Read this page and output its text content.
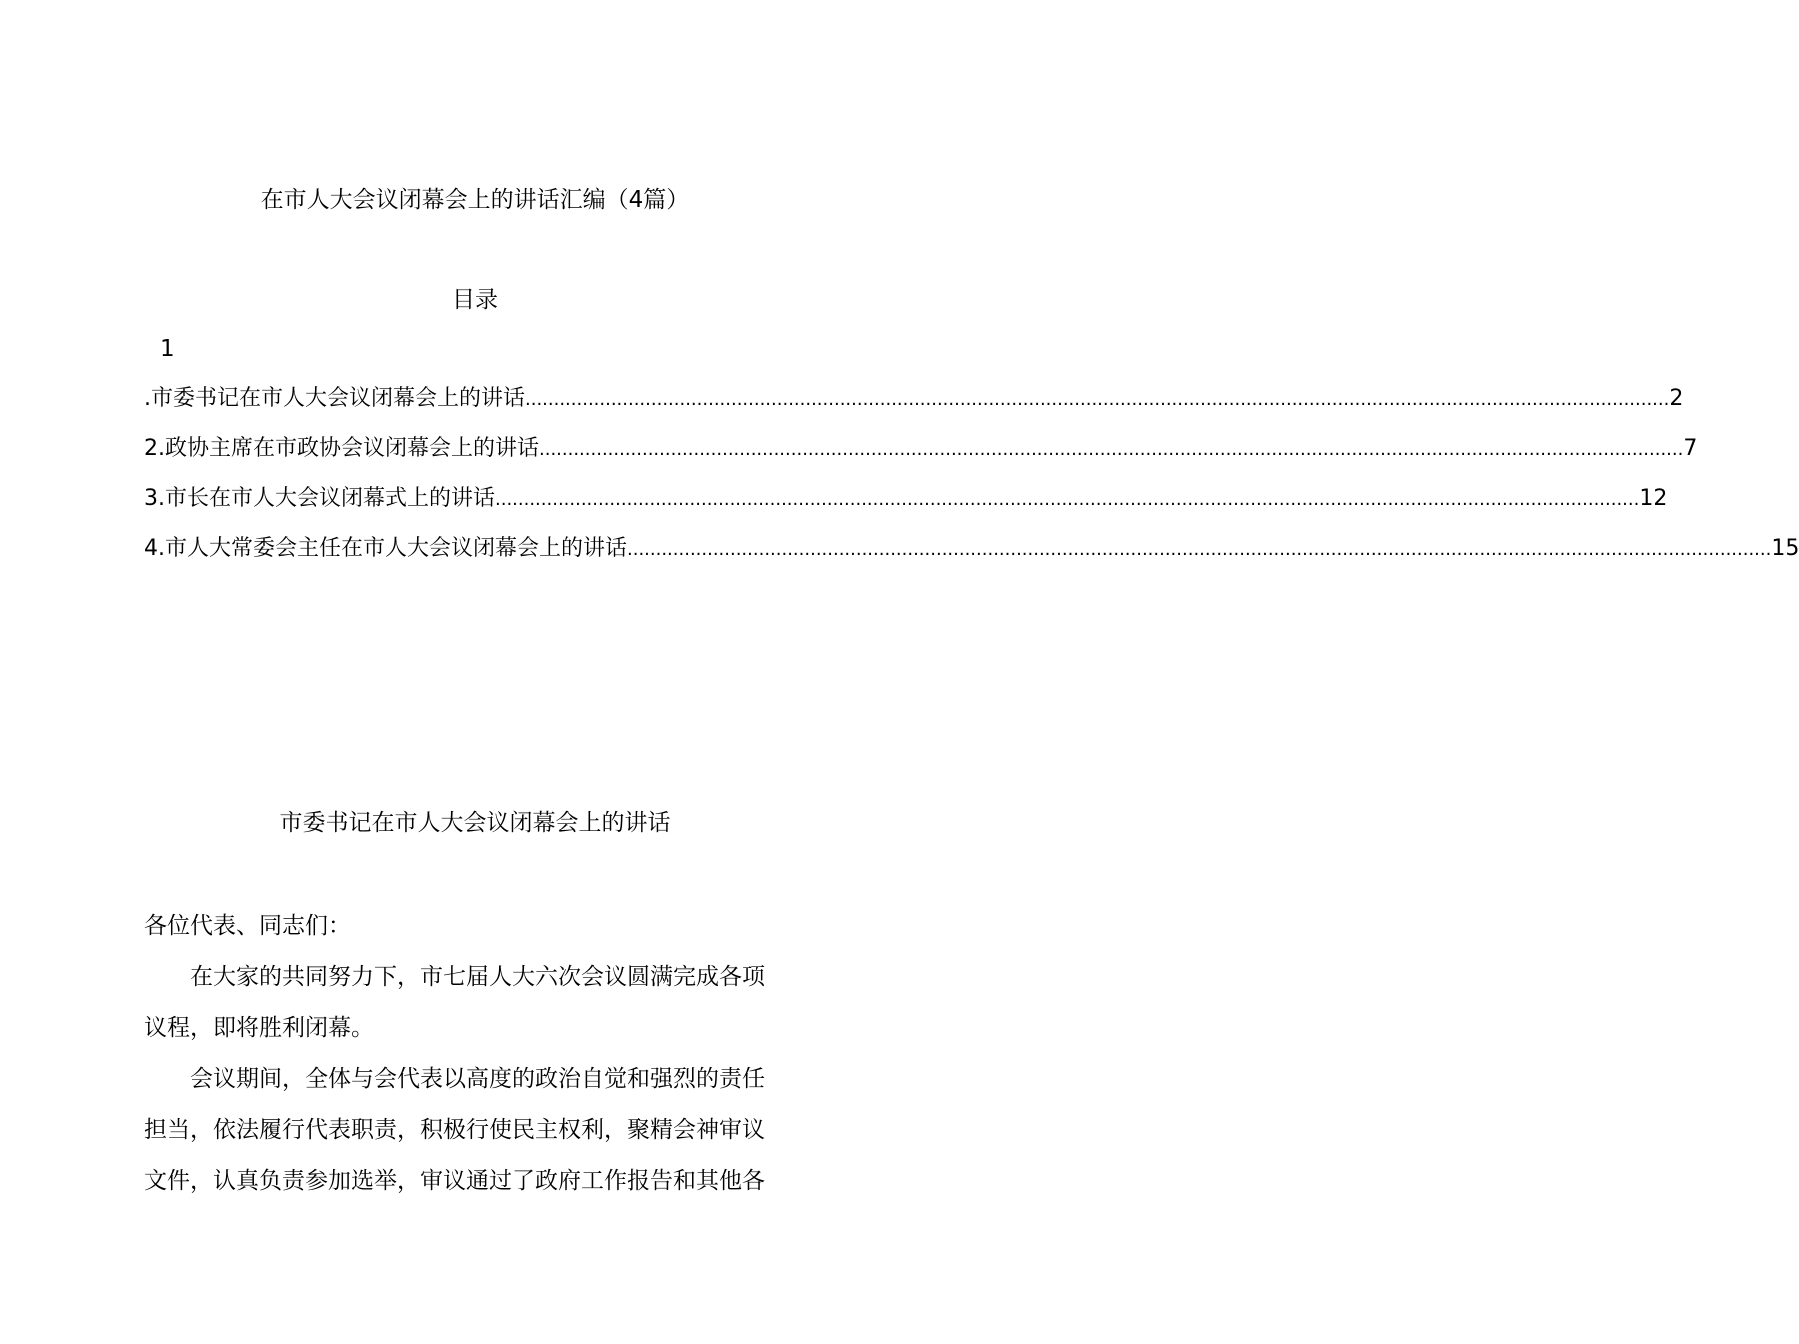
在市人大会议闭幕会上的讲话汇编（4篇）
目录
1
.市委书记在市人大会议闭幕会上的讲话 ........................................................................................................................................................................................................ 2
2.政协主席在市政协会议闭幕会上的讲话 ........................................................................................................................................................................................................ 7
3.市长在市人大会议闭幕式上的讲话 ........................................................................................................................................................................................................ 12
4.市人大常委会主任在市人大会议闭幕会上的讲话 ........................................................................................................................................................................................................ 15
市委书记在市人大会议闭幕会上的讲话

各位代表、同志们：

在大家的共同努力下，市七届人大六次会议圆满完成各项
议程，即将胜利闭幕。

会议期间，全体与会代表以高度的政治自觉和强烈的责任
担当，依法履行代表职责，积极行使民主权利，聚精会神审议
文件，认真负责参加选举，审议通过了政府工作报告和其他各
